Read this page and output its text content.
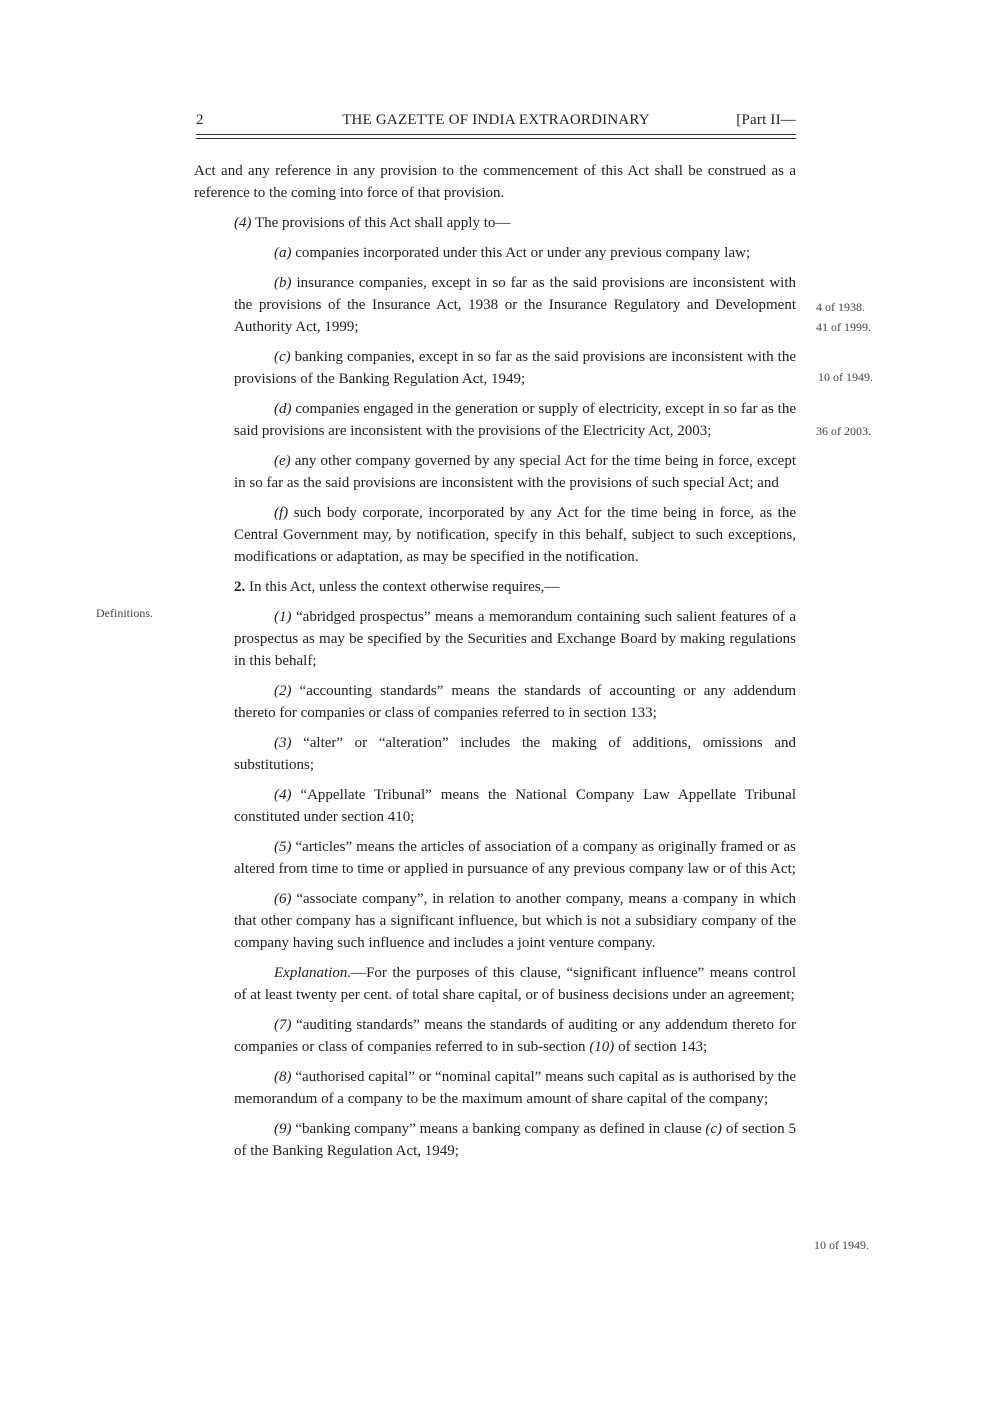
2	THE GAZETTE OF INDIA EXTRAORDINARY	[Part II—

Act and any reference in any provision to the commencement of this Act shall be construed as a reference to the coming into force of that provision.

(4) The provisions of this Act shall apply to—

(a) companies incorporated under this Act or under any previous company law;

(b) insurance companies, except in so far as the said provisions are inconsistent with the provisions of the Insurance Act, 1938 or the Insurance Regulatory and Development Authority Act, 1999;

(c) banking companies, except in so far as the said provisions are inconsistent with the provisions of the Banking Regulation Act, 1949;

(d) companies engaged in the generation or supply of electricity, except in so far as the said provisions are inconsistent with the provisions of the Electricity Act, 2003;

(e) any other company governed by any special Act for the time being in force, except in so far as the said provisions are inconsistent with the provisions of such special Act; and

(f) such body corporate, incorporated by any Act for the time being in force, as the Central Government may, by notification, specify in this behalf, subject to such exceptions, modifications or adaptation, as may be specified in the notification.

2. In this Act, unless the context otherwise requires,—

(1) “abridged prospectus” means a memorandum containing such salient features of a prospectus as may be specified by the Securities and Exchange Board by making regulations in this behalf;

(2) “accounting standards” means the standards of accounting or any addendum thereto for companies or class of companies referred to in section 133;

(3) “alter” or “alteration” includes the making of additions, omissions and substitutions;

(4) “Appellate Tribunal” means the National Company Law Appellate Tribunal constituted under section 410;

(5) “articles” means the articles of association of a company as originally framed or as altered from time to time or applied in pursuance of any previous company law or of this Act;

(6) “associate company”, in relation to another company, means a company in which that other company has a significant influence, but which is not a subsidiary company of the company having such influence and includes a joint venture company.

Explanation.—For the purposes of this clause, “significant influence” means control of at least twenty per cent. of total share capital, or of business decisions under an agreement;

(7) “auditing standards” means the standards of auditing or any addendum thereto for companies or class of companies referred to in sub-section (10) of section 143;

(8) “authorised capital” or “nominal capital” means such capital as is authorised by the memorandum of a company to be the maximum amount of share capital of the company;

(9) “banking company” means a banking company as defined in clause (c) of section 5 of the Banking Regulation Act, 1949;

4 of 1938.
41 of 1999.
10 of 1949.
36 of 2003.
Definitions.
10 of 1949.
